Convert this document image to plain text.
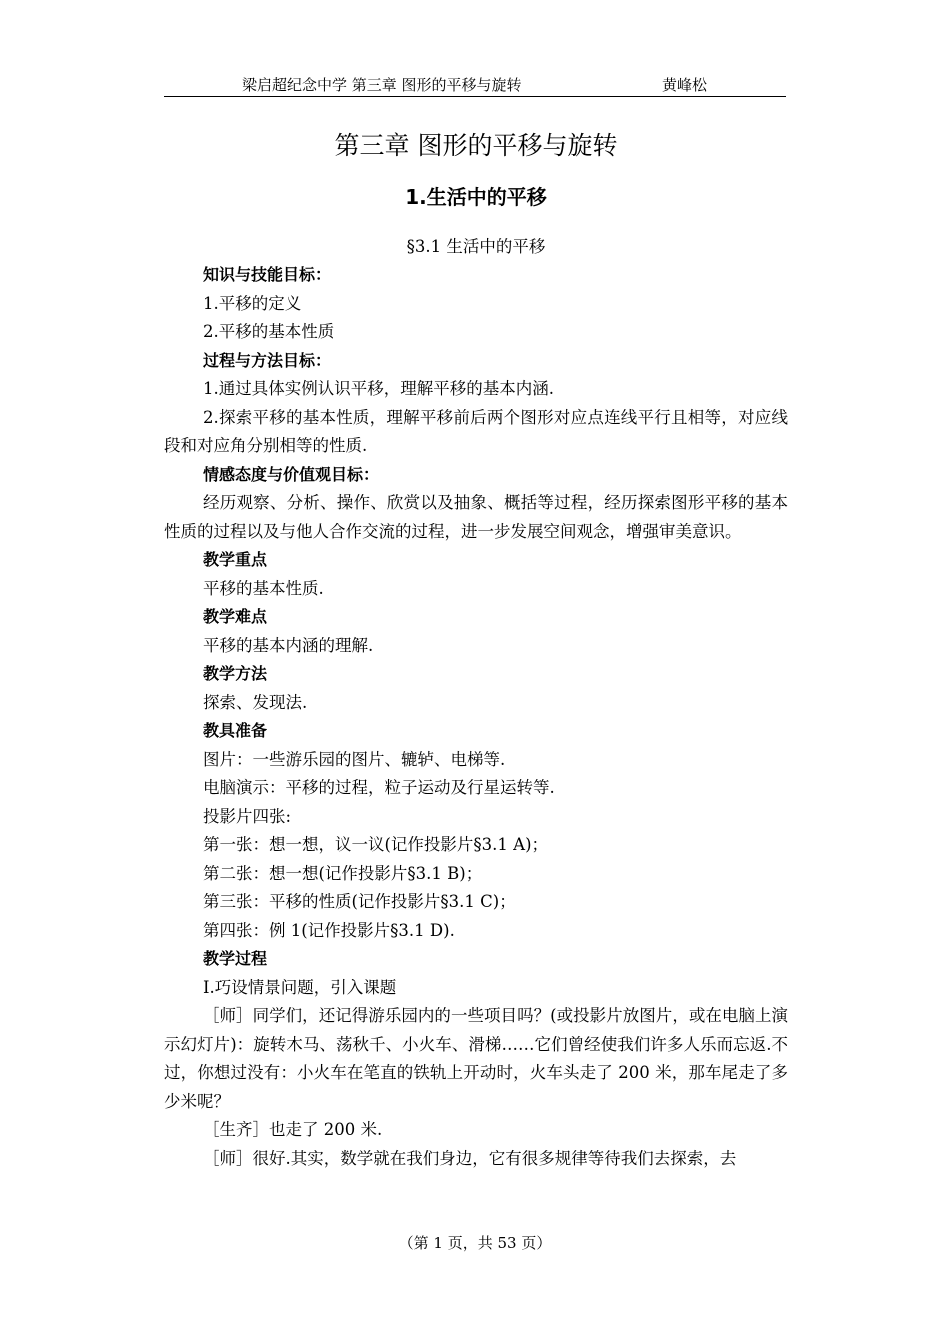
梁启超纪念中学 第三章 图形的平移与旋转	黄峰松
第三章 图形的平移与旋转
1.生活中的平移
§3.1 生活中的平移

知识与技能目标：

1.平移的定义

2.平移的基本性质

过程与方法目标：

1.通过具体实例认识平移，理解平移的基本内涵.

2.探索平移的基本性质，理解平移前后两个图形对应点连线平行且相等，对应线段和对应角分别相等的性质.

情感态度与价值观目标：

经历观察、分析、操作、欣赏以及抽象、概括等过程，经历探索图形平移的基本性质的过程以及与他人合作交流的过程，进一步发展空间观念，增强审美意识。

教学重点

平移的基本性质.

教学难点

平移的基本内涵的理解.

教学方法

探索、发现法.

教具准备

图片：一些游乐园的图片、辘轳、电梯等.

电脑演示：平移的过程，粒子运动及行星运转等.

投影片四张:

第一张：想一想，议一议(记作投影片§3.1 A)；

第二张：想一想(记作投影片§3.1 B)；

第三张：平移的性质(记作投影片§3.1 C)；

第四张：例 1(记作投影片§3.1 D).

教学过程

Ⅰ.巧设情景问题，引入课题

［师］同学们，还记得游乐园内的一些项目吗？(或投影片放图片，或在电脑上演示幻灯片)：旋转木马、荡秋千、小火车、滑梯……它们曾经使我们许多人乐而忘返.不过，你想过没有：小火车在笔直的铁轨上开动时，火车头走了 200 米，那车尾走了多少米呢？

［生齐］也走了 200 米.

［师］很好.其实，数学就在我们身边，它有很多规律等待我们去探索，去

（第 1 页，共 53 页）
